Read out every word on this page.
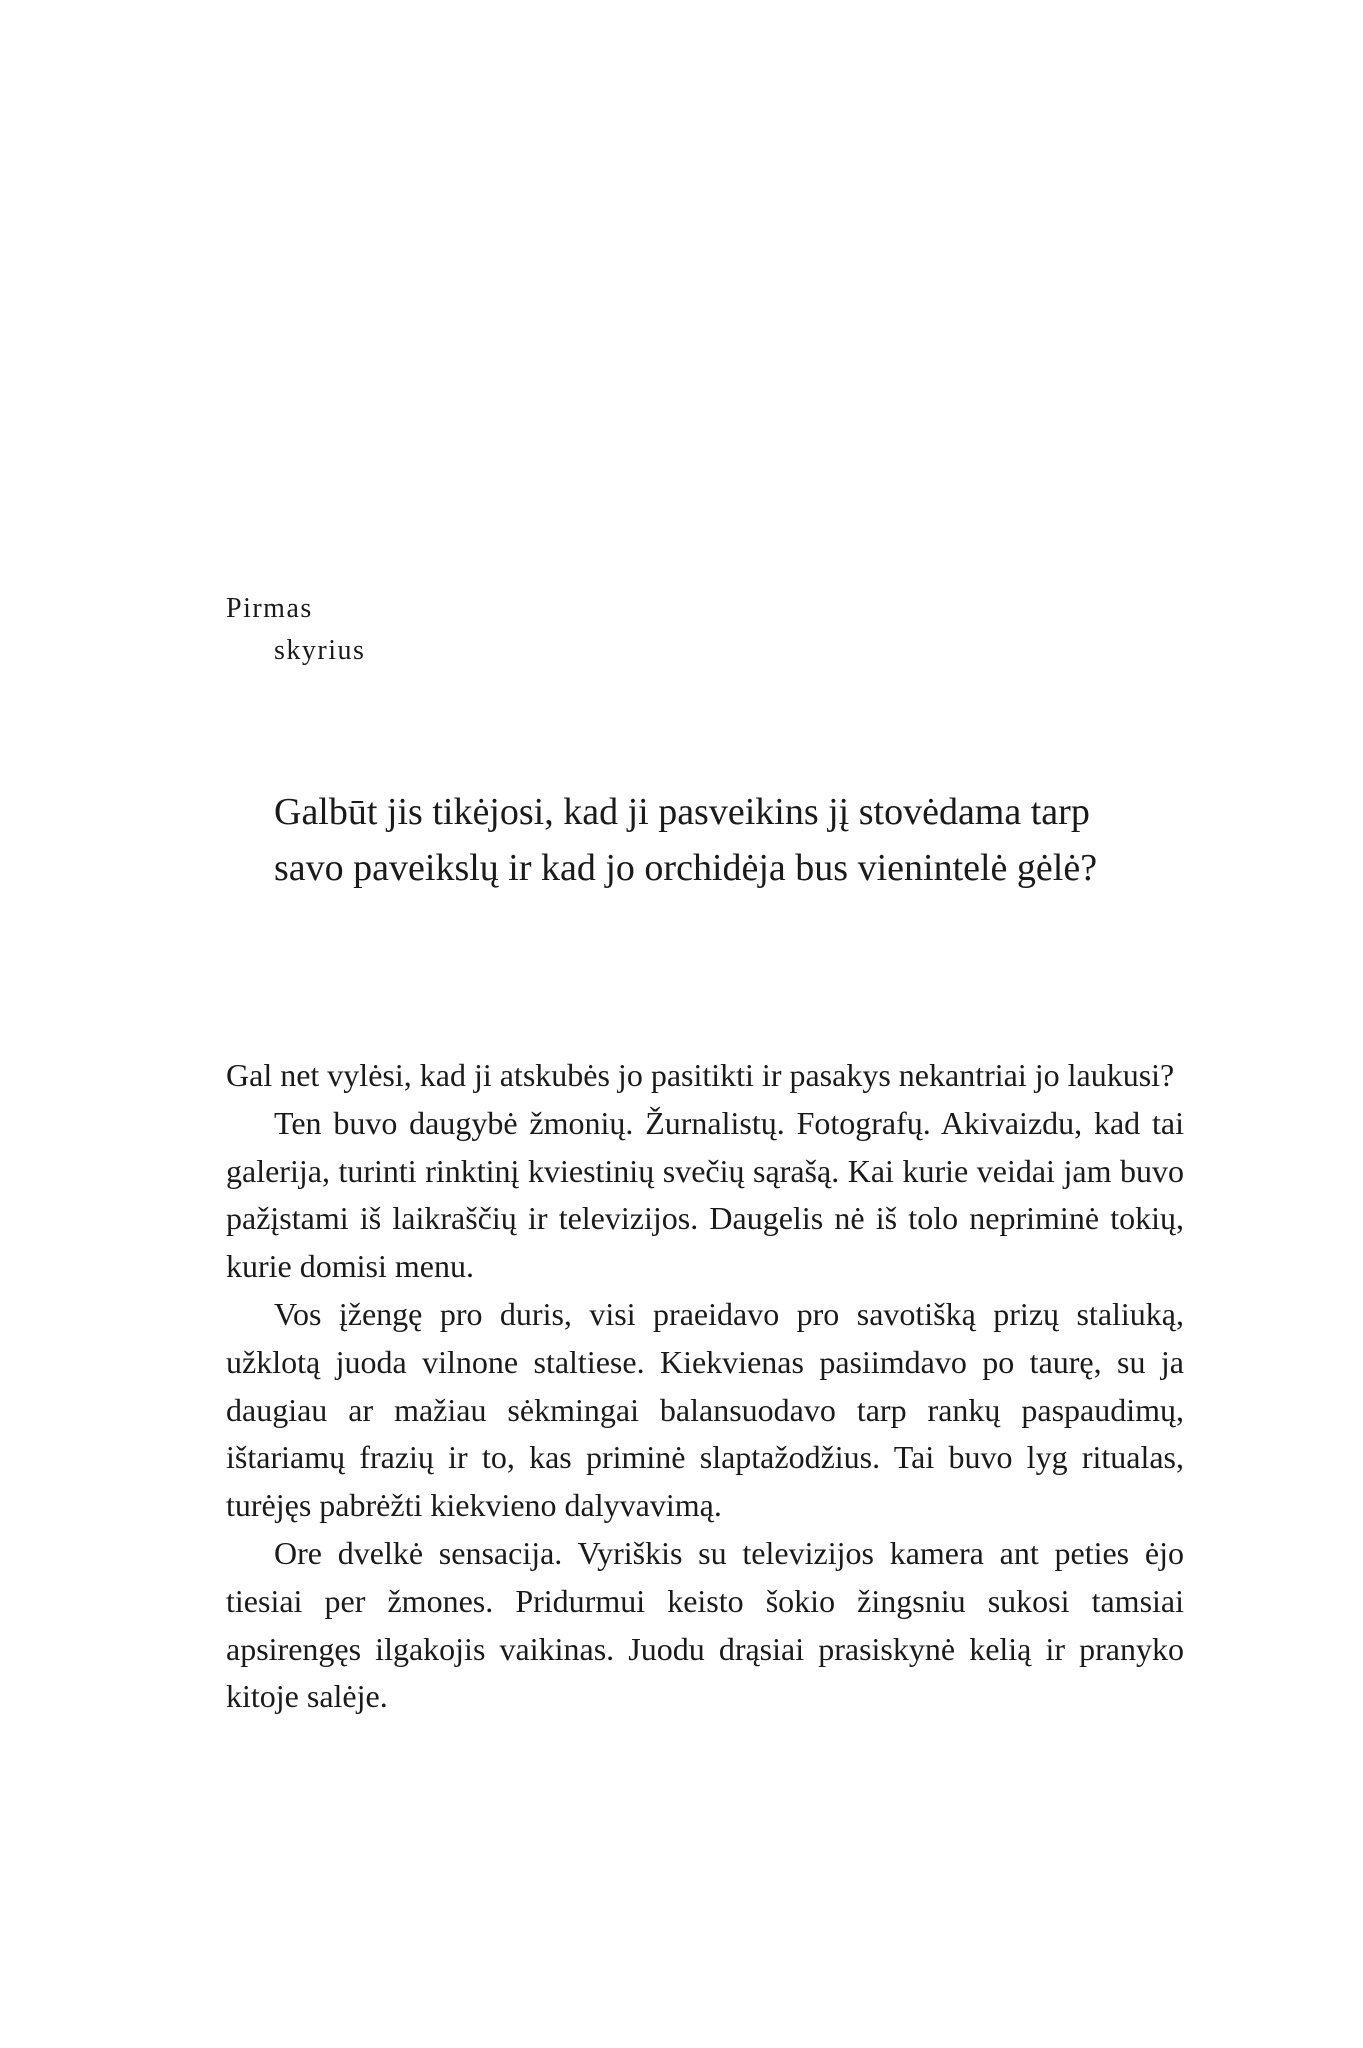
Pirmas
skyrius

Galbūt jis tikėjosi, kad ji pasveikins jį stovėdama tarp savo paveikslų ir kad jo orchidėja bus vienintelė gėlė?

Gal net vylėsi, kad ji atskubės jo pasitikti ir pasakys nekantriai jo laukusi?

Ten buvo daugybė žmonių. Žurnalistų. Fotografų. Akivaizdu, kad tai galerija, turinti rinktinį kviestinių svečių sąrašą. Kai kurie veidai jam buvo pažįstami iš laikraščių ir televizijos. Daugelis nė iš tolo nepriminė tokių, kurie domisi menu.

Vos įžengę pro duris, visi praeidavo pro savotišką prizų staliuką, užklotą juoda vilnone staltiese. Kiekvienas pasiimdavo po taurę, su ja daugiau ar mažiau sėkmingai balansuodavo tarp rankų paspaudimų, ištariamų frazių ir to, kas priminė slaptažodžius. Tai buvo lyg ritualas, turėjęs pabrėžti kiekvieno dalyvavimą.

Ore dvelkė sensacija. Vyriškis su televizijos kamera ant peties ėjo tiesiai per žmones. Pridurmui keisto šokio žingsniu sukosi tamsiai apsirengęs ilgakojis vaikinas. Juodu drąsiai prasiskynė kelią ir pranyko kitoje salėje.
